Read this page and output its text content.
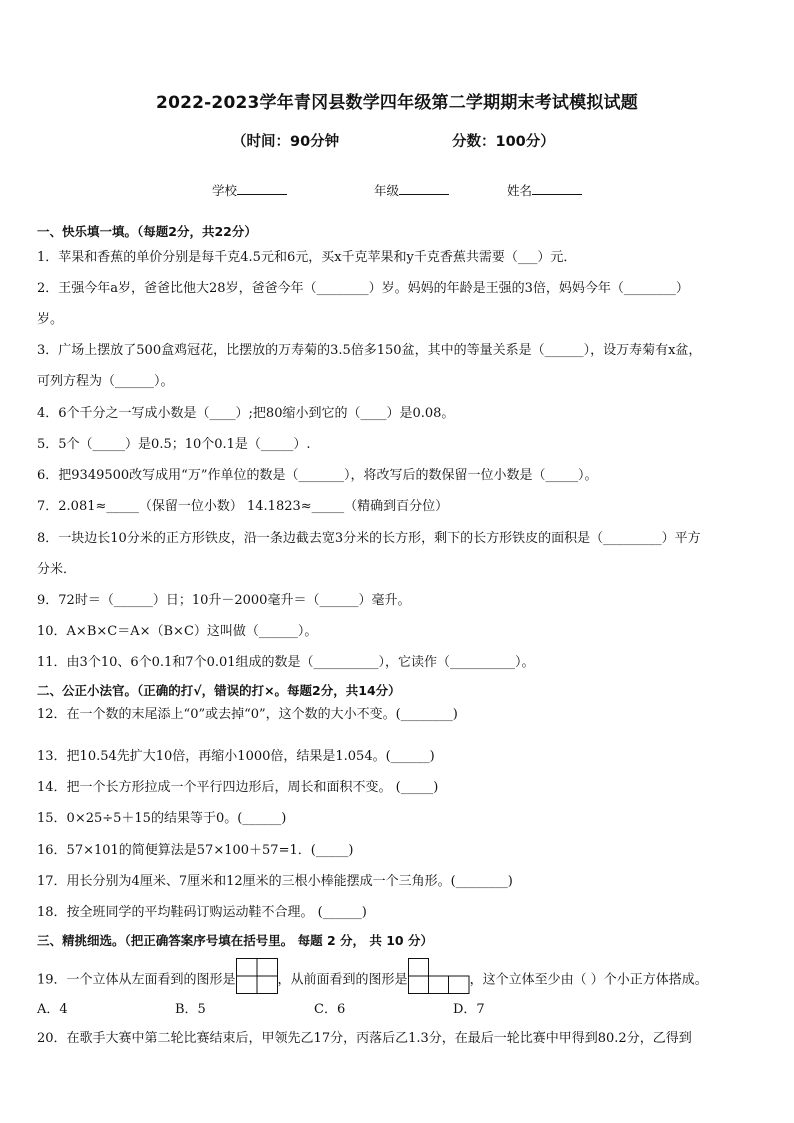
2022-2023学年青冈县数学四年级第二学期期末考试模拟试题
（时间：90分钟	分数：100分）
学校	年级	姓名
一、快乐填一填。（每题2分，共22分）
1．苹果和香蕉的单价分别是每千克4.5元和6元，买x千克苹果和y千克香蕉共需要（___）元．
2．王强今年a岁，爸爸比他大28岁，爸爸今年（________）岁。妈妈的年龄是王强的3倍，妈妈今年（________）
岁。
3．广场上摆放了500盒鸡冠花，比摆放的万寿菊的3.5倍多150盆，其中的等量关系是（______），设万寿菊有x盆，
可列方程为（______）。
4．6个千分之一写成小数是（____）;把80缩小到它的（____）是0.08。
5．5个（_____）是0.5；10个0.1是（_____）.
6．把9349500改写成用“万”作单位的数是（_______），将改写后的数保留一位小数是（_____）。
7．2.081≈_____（保留一位小数） 14.1823≈_____（精确到百分位）
8．一块边长10分米的正方形铁皮，沿一条边截去宽3分米的长方形，剩下的长方形铁皮的面积是（_________）平方
分米．
9．72时＝（______）日；10升－2000毫升＝（______）毫升。
10．A×B×C＝A×（B×C）这叫做（______）。
11．由3个10、6个0.1和7个0.01组成的数是（__________），它读作（__________）。
二、公正小法官。（正确的打√，错误的打×。每题2分，共14分）
12．在一个数的末尾添上“0”或去掉“0”，这个数的大小不变。(________)
13．把10.54先扩大10倍，再缩小1000倍，结果是1.054。(______)
14．把一个长方形拉成一个平行四边形后，周长和面积不变。 (_____)
15．0×25÷5＋15的结果等于0。(______)
16．57×101的简便算法是57×100＋57=1．(_____)
17．用长分别为4厘米、7厘米和12厘米的三根小棒能摆成一个三角形。(________)
18．按全班同学的平均鞋码订购运动鞋不合理。 (______)
三、精挑细选。（把正确答案序号填在括号里。 每题 2 分， 共 10 分）
19．一个立体从左面看到的图形是	，从前面看到的图形是	，这个立体至少由（ ）个小正方体搭成。
A．4	B．5	C．6	D．7
20．在歌手大赛中第二轮比赛结束后，甲领先乙17分，丙落后乙1.3分，在最后一轮比赛中甲得到80.2分，乙得到
